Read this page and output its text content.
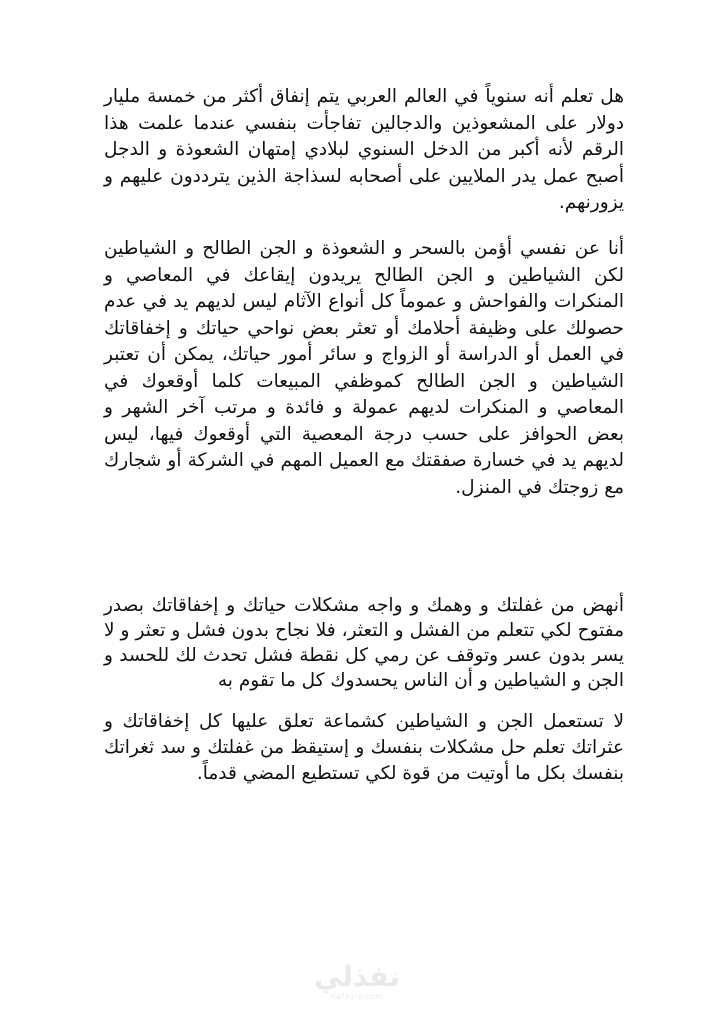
هل تعلم أنه سنوياً في العالم العربي يتم إنفاق أكثر من خمسة مليار دولار على المشعوذين والدجالين تفاجأت بنفسي عندما علمت هذا الرقم لأنه أكبر من الدخل السنوي لبلادي إمتهان الشعوذة و الدجل أصبح عمل يدر الملايين على أصحابه لسذاجة الذين يترددون عليهم و يزورنهم.

أنا عن نفسي أؤمن بالسحر و الشعوذة و الجن الطالح و الشياطين لكن الشياطين و الجن الطالح يريدون إيقاعك في المعاصي و المنكرات والفواحش و عموماً كل أنواع الآثام ليس لديهم يد في عدم حصولك على وظيفة أحلامك أو تعثر بعض نواحي حياتك و إخفاقاتك في العمل أو الدراسة أو الزواج و سائر أمور حياتك، يمكن أن تعتبر الشياطين و الجن الطالح كموظفي المبيعات كلما أوقعوك في المعاصي و المنكرات لديهم عمولة و فائدة و مرتب آخر الشهر و بعض الحوافز على حسب درجة المعصية التي أوقعوك فيها، ليس لديهم يد في خسارة صفقتك مع العميل المهم في الشركة أو شجارك مع زوجتك في المنزل.

أنهض من غفلتك و وهمك و واجه مشكلات حياتك و إخفاقاتك بصدر مفتوح لكي تتعلم من الفشل و التعثر، فلا نجاح بدون فشل و تعثر و لا يسر بدون عسر وتوقف عن رمي كل نقطة فشل تحدث لك للحسد و الجن و الشياطين و أن الناس يحسدوك كل ما تقوم به

لا تستعمل الجن و الشياطين كشماعة تعلق عليها كل إخفاقاتك و عثراتك تعلم حل مشكلات بنفسك و إستيقظ من غفلتك و سد ثغراتك بنفسك بكل ما أوتيت من قوة لكي تستطيع المضي قدماً.

نفذلي
nafezly.com
